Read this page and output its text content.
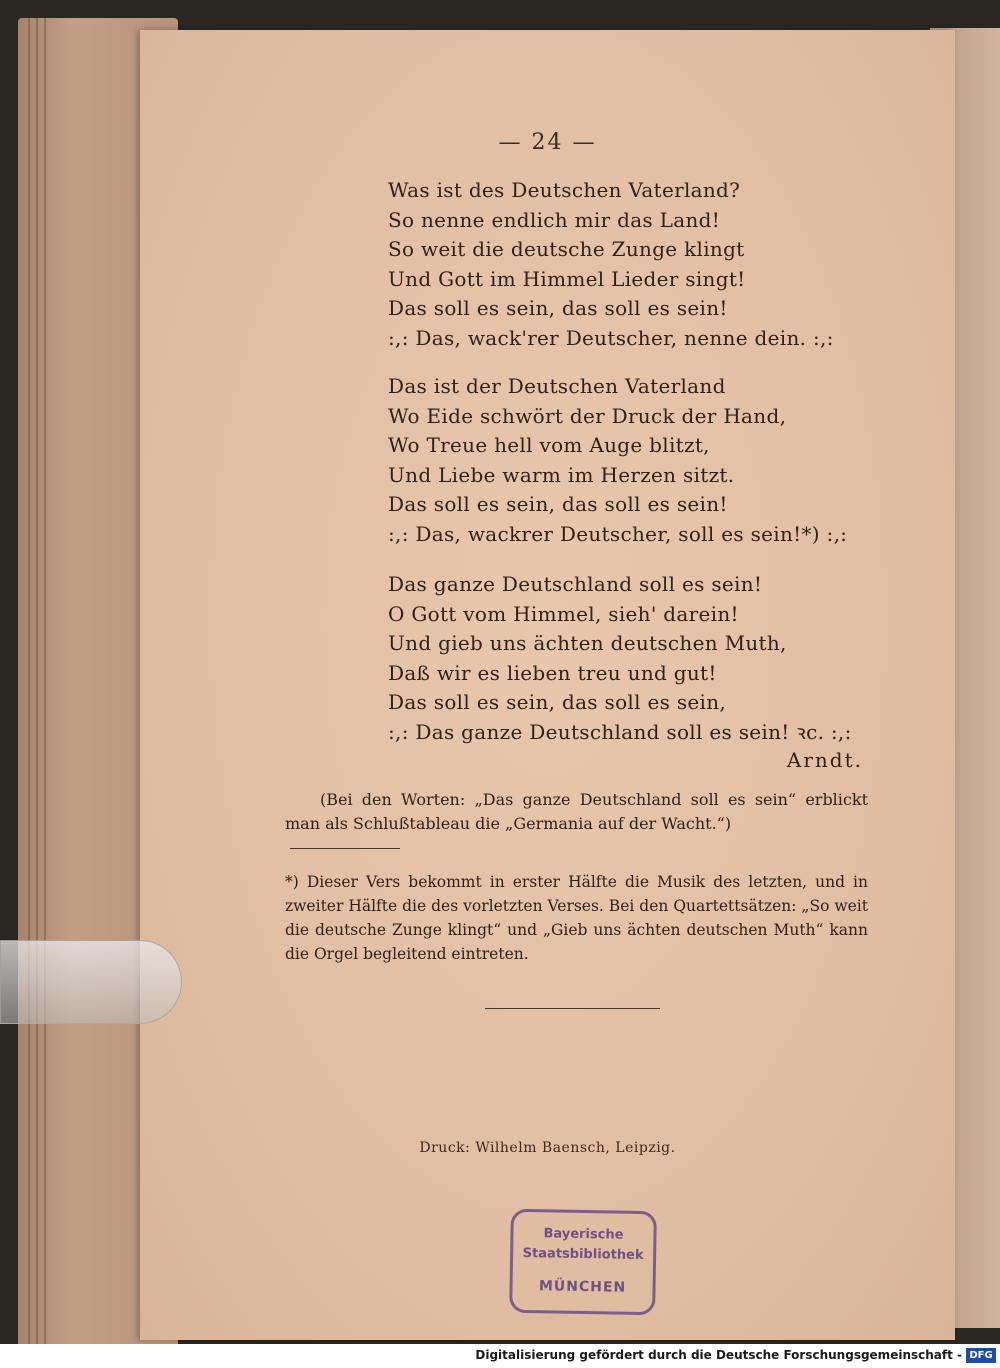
— 24 —
Was ist des Deutschen Vaterland?
So nenne endlich mir das Land!
So weit die deutsche Zunge klingt
Und Gott im Himmel Lieder singt!
Das soll es sein, das soll es sein!
:,: Das, wack'rer Deutscher, nenne dein. :,:
Das ist der Deutschen Vaterland
Wo Eide schwört der Druck der Hand,
Wo Treue hell vom Auge blitzt,
Und Liebe warm im Herzen sitzt.
Das soll es sein, das soll es sein!
:,: Das, wackrer Deutscher, soll es sein!*) :,:
Das ganze Deutschland soll es sein!
O Gott vom Himmel, sieh' darein!
Und gieb uns ächten deutschen Muth,
Daß wir es lieben treu und gut!
Das soll es sein, das soll es sein,
:,: Das ganze Deutschland soll es sein! ꝛc. :,:
Arndt.
(Bei den Worten: „Das ganze Deutschland soll es sein“ erblickt man als Schlußtableau die „Germania auf der Wacht.“)
*) Dieser Vers bekommt in erster Hälfte die Musik des letzten, und in zweiter Hälfte die des vorletzten Verses. Bei den Quartettsätzen: „So weit die deutsche Zunge klingt“ und „Gieb uns ächten deutschen Muth“ kann die Orgel begleitend eintreten.
Druck: Wilhelm Baensch, Leipzig.
Bayerische
Staatsbibliothek
MÜNCHEN
Digitalisierung gefördert durch die Deutsche Forschungsgemeinschaft - DFG
